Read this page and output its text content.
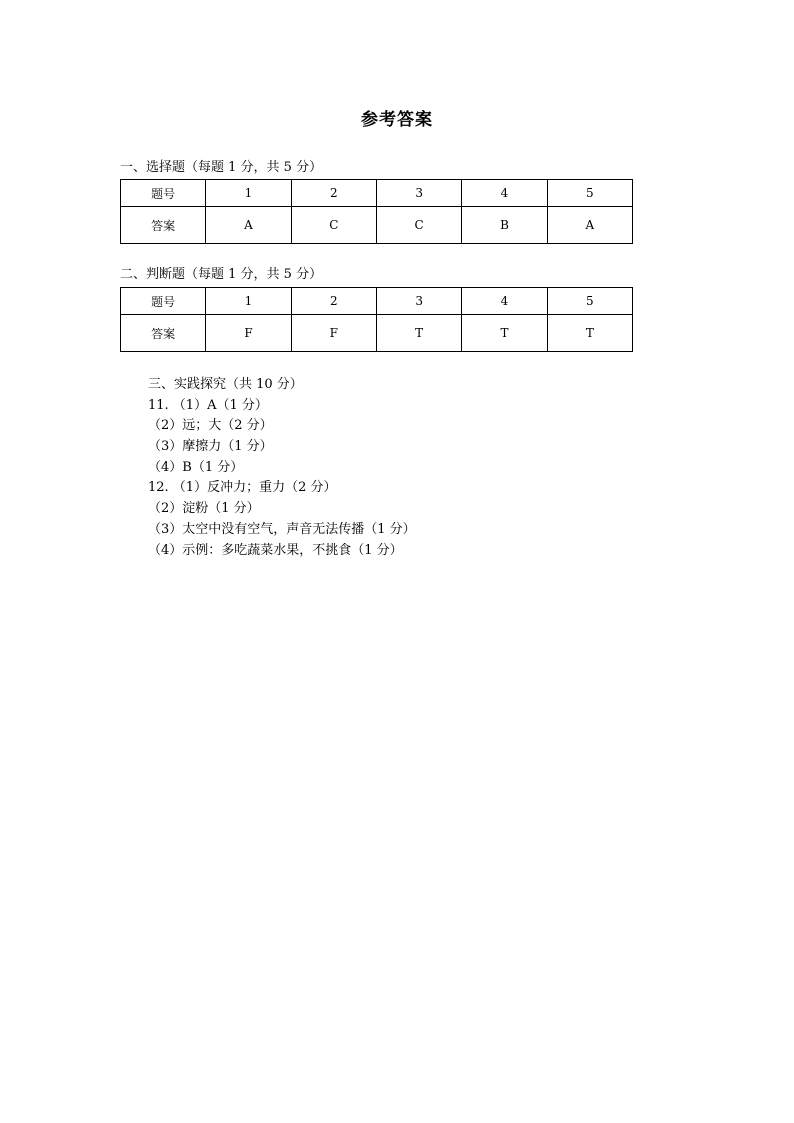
参考答案
一、选择题（每题 1 分，共 5 分）
题号	1	2	3	4	5
答案	A	C	C	B	A
二、判断题（每题 1 分，共 5 分）
题号	1	2	3	4	5
答案	F	F	T	T	T
三、实践探究（共 10 分）
11. （1）A（1 分）
（2）远；大（2 分）
（3）摩擦力（1 分）
（4）B（1 分）
12. （1）反冲力；重力（2 分）
（2）淀粉（1 分）
（3）太空中没有空气，声音无法传播（1 分）
（4）示例：多吃蔬菜水果，不挑食（1 分）
